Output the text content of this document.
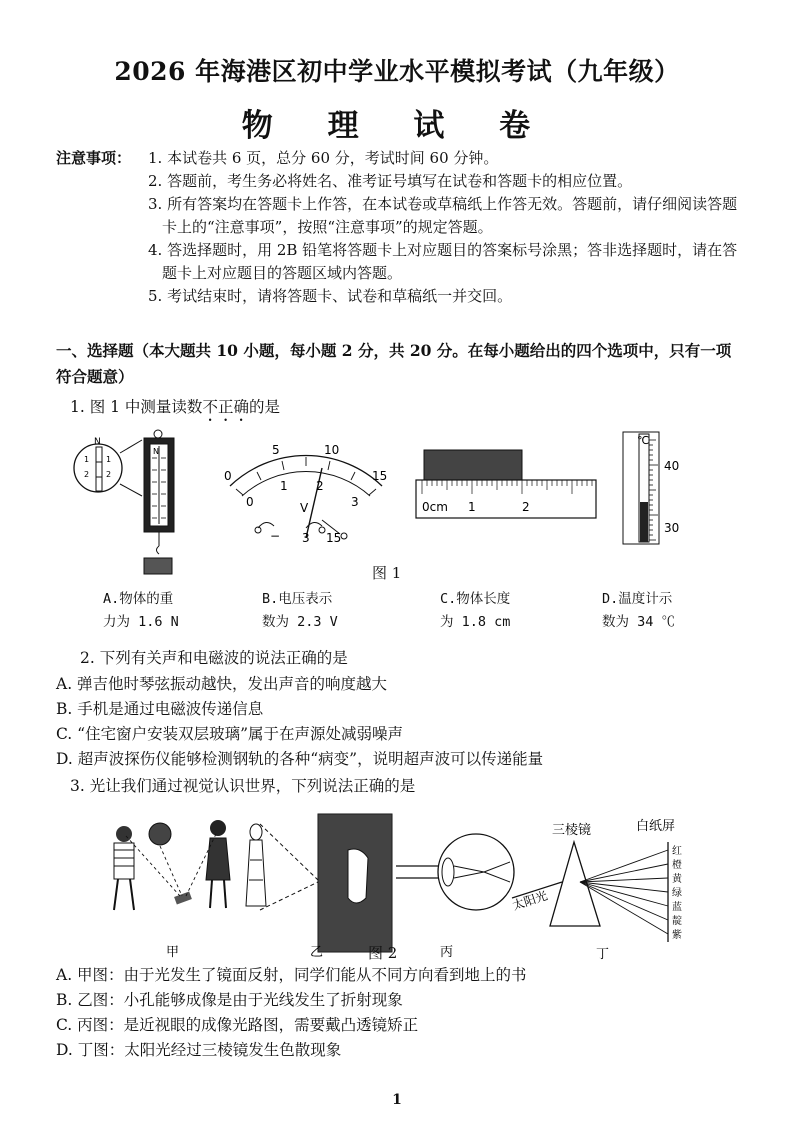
2026 年海港区初中学业水平模拟考试（九年级）
物 理 试 卷
注意事项：	1. 本试卷共 6 页，总分 60 分，考试时间 60 分钟。
2. 答题前，考生务必将姓名、准考证号填写在试卷和答题卡的相应位置。
3. 所有答案均在答题卡上作答，在本试卷或草稿纸上作答无效。答题前，请仔细阅读答题卡上的“注意事项”，按照“注意事项”的规定答题。
4. 答选择题时，用 2B 铅笔将答题卡上对应题目的答案标号涂黑；答非选择题时，请在答题卡上对应题目的答题区域内答题。
5. 考试结束时，请将答题卡、试卷和草稿纸一并交回。
一、选择题（本大题共 10 小题，每小题 2 分，共 20 分。在每小题给出的四个选项中，只有一项符合题意）
1. 图 1 中测量读数不正确的是
N
1
2
1
2
N
0
5	10
15
0
1 2
3
V
− 3 15
0cm 1	2
℃
40
30
图 1
A.物体的重
力为 1.6 N
B.电压表示
数为 2.3 V
C.物体长度
为 1.8 cm
D.温度计示
数为 34 ℃
2. 下列有关声和电磁波的说法正确的是
A. 弹吉他时琴弦振动越快，发出声音的响度越大
B. 手机是通过电磁波传递信息
C. “住宅窗户安装双层玻璃”属于在声源处减弱噪声
D. 超声波探伤仪能够检测钢轨的各种“病变”，说明超声波可以传递能量
3. 光让我们通过视觉认识世界，下列说法正确的是
甲	乙	丙
三棱镜	白纸屏
太阳光
红
橙
黄
绿
蓝
靛
紫
丁
图 2
A. 甲图：由于光发生了镜面反射，同学们能从不同方向看到地上的书
B. 乙图：小孔能够成像是由于光线发生了折射现象
C. 丙图：是近视眼的成像光路图，需要戴凸透镜矫正
D. 丁图：太阳光经过三棱镜发生色散现象
1
